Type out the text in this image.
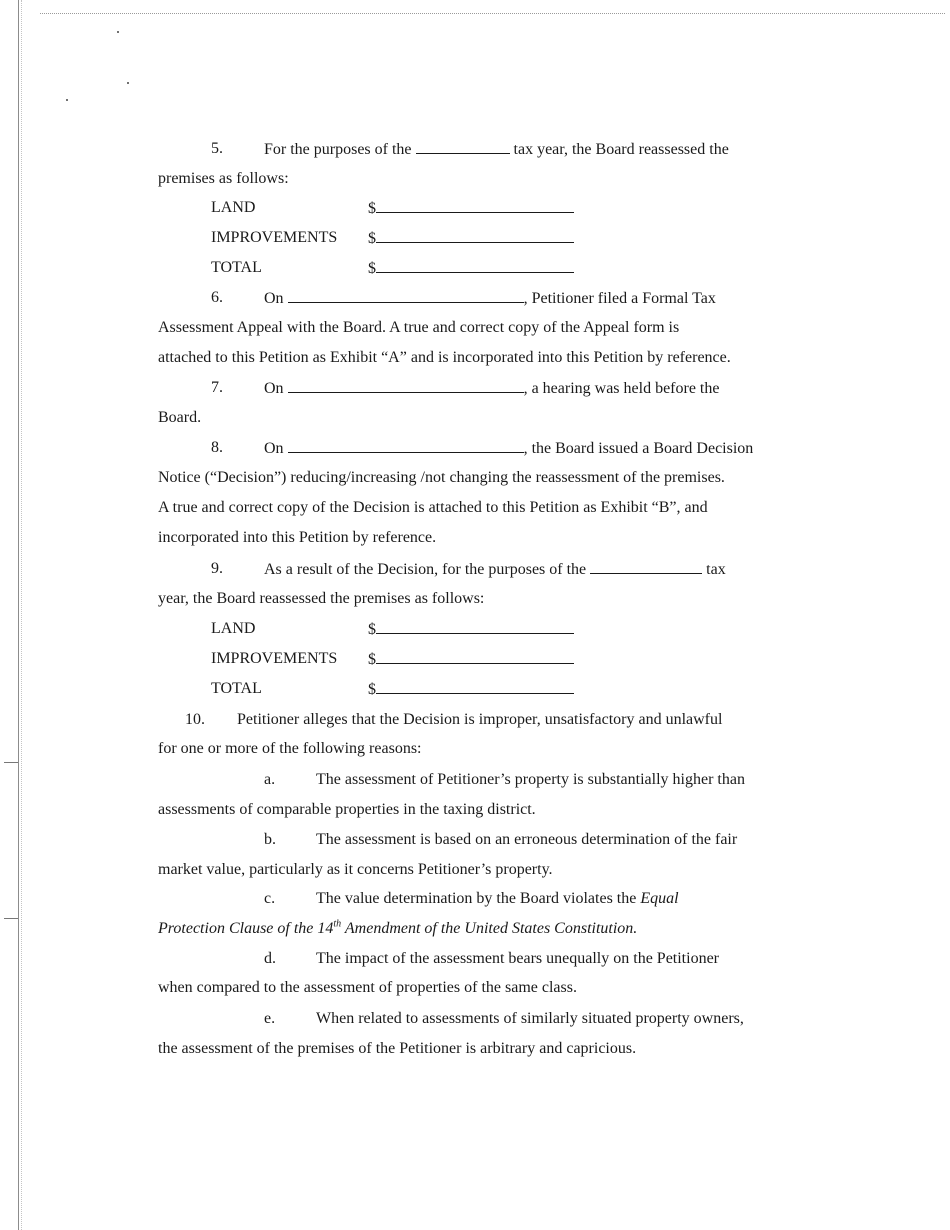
5.	For the purposes of the	tax year, the Board reassessed the
premises as follows:
LAND	$
IMPROVEMENTS $
TOTAL	$
6.	On	, Petitioner filed a Formal Tax
Assessment Appeal with the Board. A true and correct copy of the Appeal form is
attached to this Petition as Exhibit “A” and is incorporated into this Petition by reference.
7.	On	, a hearing was held before the
Board.
8.	On	, the Board issued a Board Decision
Notice (“Decision”) reducing/increasing /not changing the reassessment of the premises.
A true and correct copy of the Decision is attached to this Petition as Exhibit “B”, and
incorporated into this Petition by reference.
9.	As a result of the Decision, for the purposes of the	tax
year, the Board reassessed the premises as follows:
LAND	$
IMPROVEMENTS $
TOTAL	$
10. Petitioner alleges that the Decision is improper, unsatisfactory and unlawful
for one or more of the following reasons:
a.	The assessment of Petitioner’s property is substantially higher than
assessments of comparable properties in the taxing district.
b.	The assessment is based on an erroneous determination of the fair
market value, particularly as it concerns Petitioner’s property.
c.	The value determination by the Board violates the Equal
Protection Clause of the 14th Amendment of the United States Constitution.
d.	The impact of the assessment bears unequally on the Petitioner
when compared to the assessment of properties of the same class.
e.	When related to assessments of similarly situated property owners,
the assessment of the premises of the Petitioner is arbitrary and capricious.
